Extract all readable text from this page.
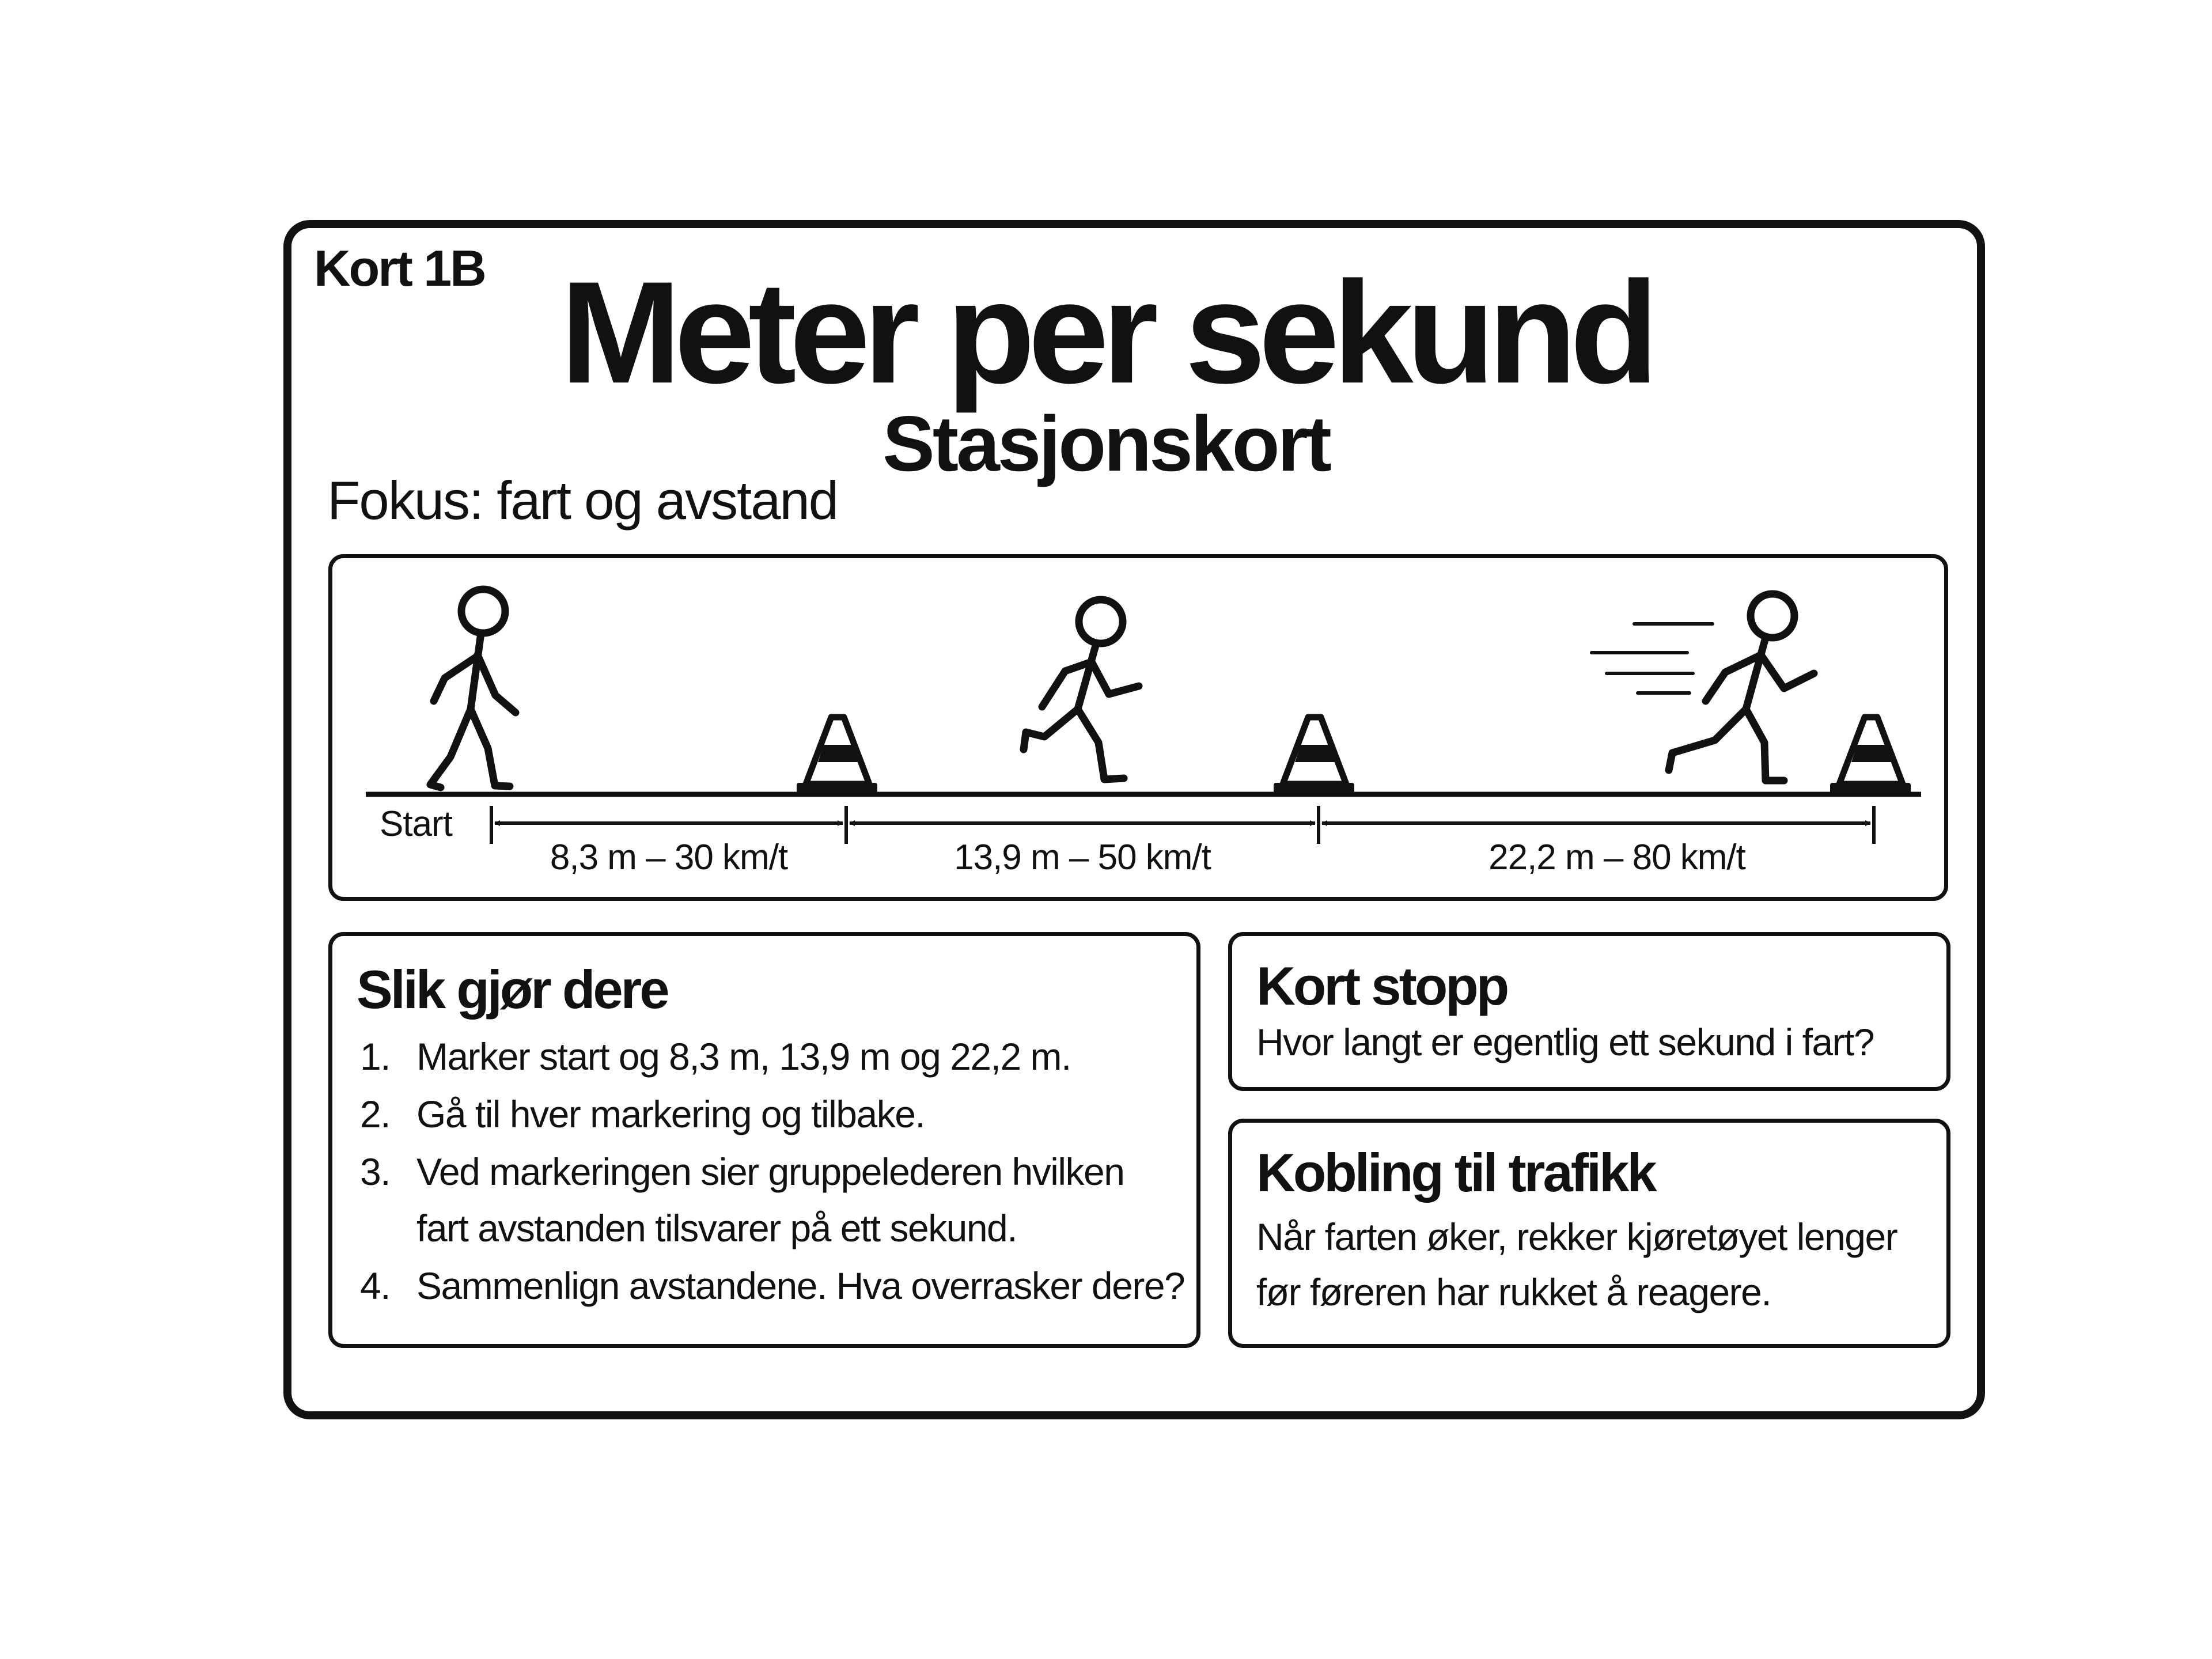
Kort 1B Meter per sekund
Stasjonskort
Fokus: fart og avstand
Start
8,3 m – 30 km/t	13,9 m – 50 km/t	22,2 m – 80 km/t
Slik gjør dere
1. Marker start og 8,3 m, 13,9 m og 22,2 m.
2. Gå til hver markering og tilbake.
3. Ved markeringen sier gruppelederen hvilken
fart avstanden tilsvarer på ett sekund.
4. Sammenlign avstandene. Hva overrasker dere?
Kort stopp
Hvor langt er egentlig ett sekund i fart?
Kobling til trafikk
Når farten øker, rekker kjøretøyet lenger
før føreren har rukket å reagere.
